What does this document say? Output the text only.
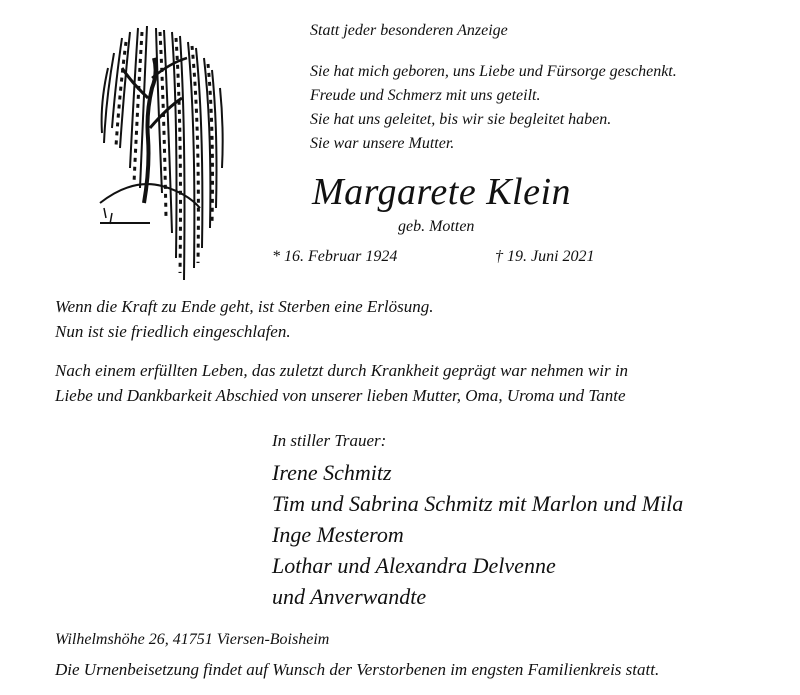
Statt jeder besonderen Anzeige

Sie hat mich geboren, uns Liebe und Fürsorge geschenkt.

Freude und Schmerz mit uns geteilt.

Sie hat uns geleitet, bis wir sie begleitet haben.

Sie war unsere Mutter.

Margarete Klein
geb. Motten
* 16. Februar 1924	† 19. Juni 2021

Wenn die Kraft zu Ende geht, ist Sterben eine Erlösung.

Nun ist sie friedlich eingeschlafen.

Nach einem erfüllten Leben, das zuletzt durch Krankheit geprägt war nehmen wir in

Liebe und Dankbarkeit Abschied von unserer lieben Mutter, Oma, Uroma und Tante

In stiller Trauer:

Irene Schmitz

Tim und Sabrina Schmitz mit Marlon und Mila

Inge Mesterom

Lothar und Alexandra Delvenne

und Anverwandte

Wilhelmshöhe 26, 41751 Viersen-Boisheim
Die Urnenbeisetzung findet auf Wunsch der Verstorbenen im engsten Familienkreis statt.
